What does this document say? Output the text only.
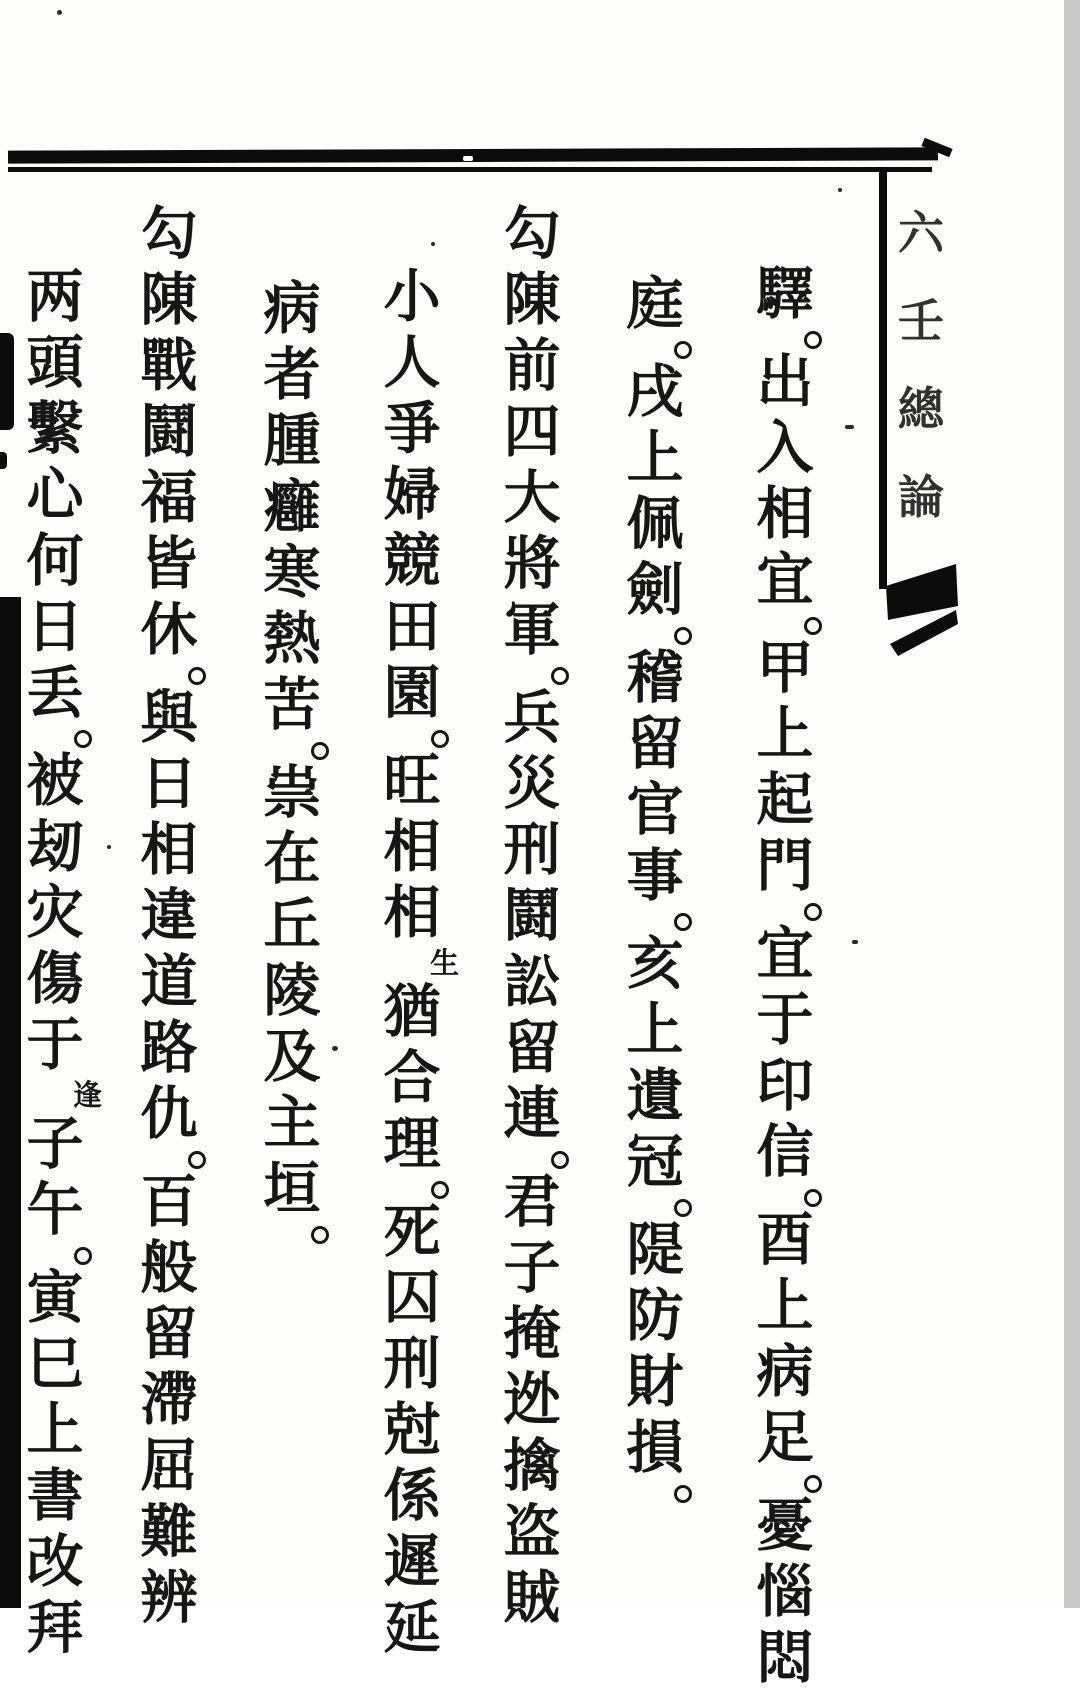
六
壬
總
論
驛
出
入
相
宜
甲
上
起
門
宜
于
印
信
酉
上
病
足
憂
惱
悶
庭
戌
上
佩
劍
稽
留
官
事
亥
上
遺
冠
隄
防
財
損
勾
陳
前
四
大
將
軍
兵
災
刑
鬪
訟
留
連
君
子
掩
迯
擒
盗
賊
小
人
爭
婦
競
田
園
旺
相
相
生
猶
合
理
死
囚
刑
尅
係
遲
延
病
者
腫
癰
寒
熱
苦
祟
在
丘
陵
及
主
垣
勾
陳
戰
鬪
福
皆
休
與
日
相
違
道
路
仇
百
般
留
滯
屈
難
辨
两
頭
繫
心
何
日
丢
被
刼
灾
傷
于
逢
子
午
寅
巳
上
書
改
拜
